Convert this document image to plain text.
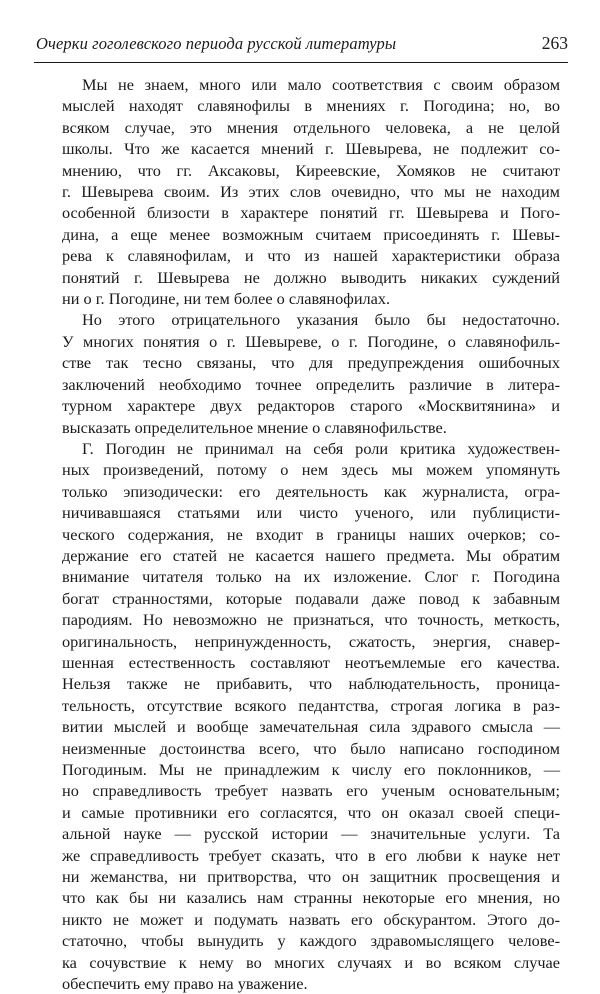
Очерки гоголевского периода русской литературы	263

Мы не знаем, много или мало соответствия с своим образом
мыслей находят славянофилы в мнениях г. Погодина; но, во
всяком случае, это мнения отдельного человека, а не целой
школы. Что же касается мнений г. Шевырева, не подлежит со-
мнению, что гг. Аксаковы, Киреевские, Хомяков не считают
г. Шевырева своим. Из этих слов очевидно, что мы не находим
особенной близости в характере понятий гг. Шевырева и Пого-
дина, а еще менее возможным считаем присоединять г. Шевы-
рева к славянофилам, и что из нашей характеристики образа
понятий г. Шевырева не должно выводить никаких суждений
ни о г. Погодине, ни тем более о славянофилах.

Но этого отрицательного указания было бы недостаточно.
У многих понятия о г. Шевыреве, о г. Погодине, о славянофиль-
стве так тесно связаны, что для предупреждения ошибочных
заключений необходимо точнее определить различие в литера-
турном характере двух редакторов старого «Москвитянина» и
высказать определительное мнение о славянофильстве.

Г. Погодин не принимал на себя роли критика художествен-
ных произведений, потому о нем здесь мы можем упомянуть
только эпизодически: его деятельность как журналиста, огра-
ничивавшаяся статьями или чисто ученого, или публицисти-
ческого содержания, не входит в границы наших очерков; со-
держание его статей не касается нашего предмета. Мы обратим
внимание читателя только на их изложение. Слог г. Погодина
богат странностями, которые подавали даже повод к забавным
пародиям. Но невозможно не признаться, что точность, меткость,
оригинальность, непринужденность, сжатость, энергия, снавер-
шенная естественность составляют неотъемлемые его качества.
Нельзя также не прибавить, что наблюдательность, проница-
тельность, отсутствие всякого педантства, строгая логика в раз-
витии мыслей и вообще замечательная сила здравого смысла —
неизменные достоинства всего, что было написано господином
Погодиным. Мы не принадлежим к числу его поклонников, —
но справедливость требует назвать его ученым основательным;
и самые противники его согласятся, что он оказал своей специ-
альной науке — русской истории — значительные услуги. Та
же справедливость требует сказать, что в его любви к науке нет
ни жеманства, ни притворства, что он защитник просвещения и
что как бы ни казались нам странны некоторые его мнения, но
никто не может и подумать назвать его обскурантом. Этого до-
статочно, чтобы вынудить у каждого здравомыслящего челове-
ка сочувствие к нему во многих случаях и во всяком случае
обеспечить ему право на уважение.
